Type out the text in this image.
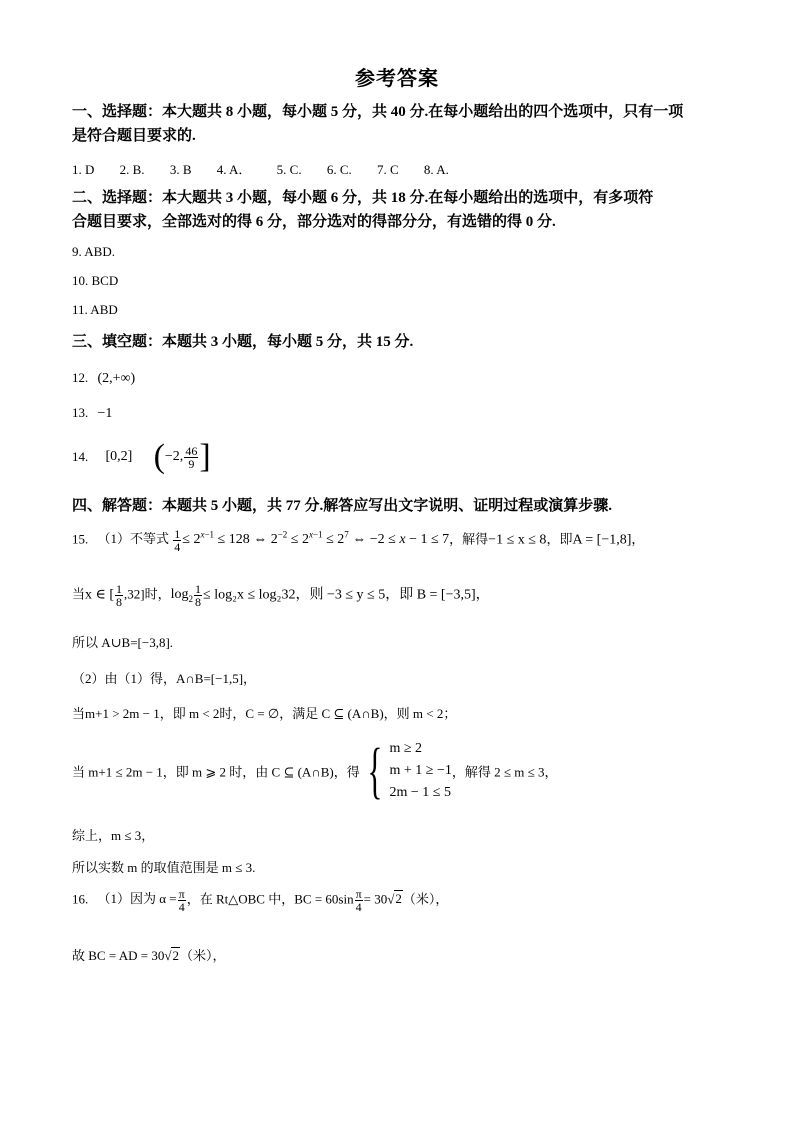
参考答案
一、选择题：本大题共 8 小题，每小题 5 分，共 40 分.在每小题给出的四个选项中，只有一项
是符合题目要求的.
1. D 2. B. 3. B 4. A． 5. C. 6. C. 7. C 8. A.
二、选择题：本大题共 3 小题，每小题 6 分，共 18 分.在每小题给出的选项中，有多项符
合题目要求，全部选对的得 6 分，部分选对的得部分分，有选错的得 0 分.
9. ABD.
10. BCD
11. ABD
三、填空题：本题共 3 小题，每小题 5 分，共 15 分.
12. (2,+∞)
13. −1
14. [0,2] (−2, $\frac{46}{9}$ ]
四、解答题：本题共 5 小题，共 77 分.解答应写出文字说明、证明过程或演算步骤.
15. （1）不等式 $\frac{1}{4} \le 2^{x-1} \le 128$ ⇔ $2^{-2} \le 2^{x-1} \le 2^7$ ⇔ −2 ≤ x − 1 ≤ 7，解得−1 ≤ x ≤ 8，即A = [−1,8]，
当x ∈ [ $\frac{1}{8} ,32$]时，$\log_2 \frac{1}{8} \le \log_2x \le \log_232$，则 −3 ≤ y ≤ 5，即 B = [−3,5]，
所以 A∪B=[−3,8].
（2）由（1）得，A∩B=[−1,5]，
当m+1 > 2m − 1，即 m < 2时，C = ∅，满足 C ⊆ (A∩B)，则 m < 2；
当 m+1 ≤ 2m − 1，即 m ⩾ 2 时，由 C ⊆ (A∩B)，得 { m ≥ 2
m + 1 ≥ −1
2m − 1 ≤ 5
，解得 2 ≤ m ≤ 3，
综上，m ≤ 3，
所以实数 m 的取值范围是 m ≤ 3.
16. （1）因为 $\alpha = \frac{\pi}{4}$ ，在 Rt△OBC 中，BC = $60\sin \frac{\pi}{4} = 30√2$（米），
故 BC = AD = 30√2（米），
